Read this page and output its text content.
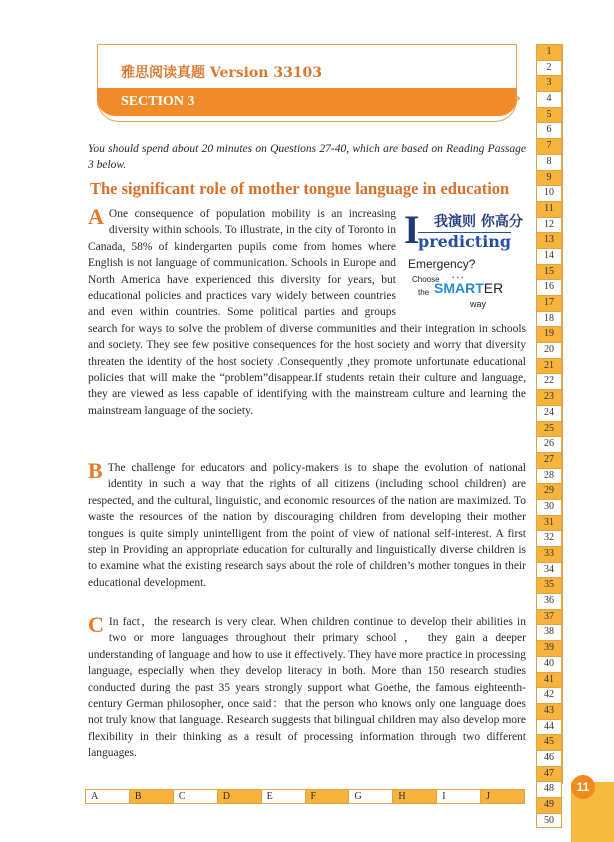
雅思阅读真题 Version 33103
SECTION 3	↳

You should spend about 20 minutes on Questions 27-40, which are based on Reading Passage 3 below.

The significant role of mother tongue language in education
I 我演则 你高分
predicting
Emergency?
Choose •••
the SMARTER
way
A One consequence of population mobility is an increasing diversity within schools. To illustrate, in the city of Toronto in Canada, 58% of kindergarten pupils come from homes where English is not language of communication. Schools in Europe and North America have experienced this diversity for years, but educational policies and practices vary widely between countries and even within countries. Some political parties and groups search for ways to solve the problem of diverse communities and their integration in schools and society. They see few positive consequences for the host society and worry that diversity threaten the identity of the host society .Consequently ,they promote unfortunate educational policies that will make the “problem”disappear.If students retain their culture and language, they are viewed as less capable of identifying with the mainstream culture and learning the mainstream language of the society.
B The challenge for educators and policy-makers is to shape the evolution of national identity in such a way that the rights of all citizens (including school children) are respected, and the cultural, linguistic, and economic resources of the nation are maximized. To waste the resources of the nation by discouraging children from developing their mother tongues is quite simply unintelligent from the point of view of national self-interest. A first step in Providing an appropriate education for culturally and linguistically diverse children is to examine what the existing research says about the role of children’s mother tongues in their educational development.
C In fact，the research is very clear. When children continue to develop their abilities in two or more languages throughout their primary school ， they gain a deeper understanding of language and how to use it effectively. They have more practice in processing language, especially when they develop literacy in both. More than 150 research studies conducted during the past 35 years strongly support what Goethe, the famous eighteenth-century German philosopher, once said：that the person who knows only one language does not truly know that language. Research suggests that bilingual children may also develop more flexibility in their thinking as a result of processing information through two different languages.
1
2
3
4
5
6
7
8
9
10
11
12
13
14
15
16
17
18
19
20
21
22
23
24
25
26
27
28
29
30
31
32
33
34
35
36
37
38
39
40
41
42
43
44
45
46
47
48
49
50
A	B	C	D	E	F	G	H	I	J
11
